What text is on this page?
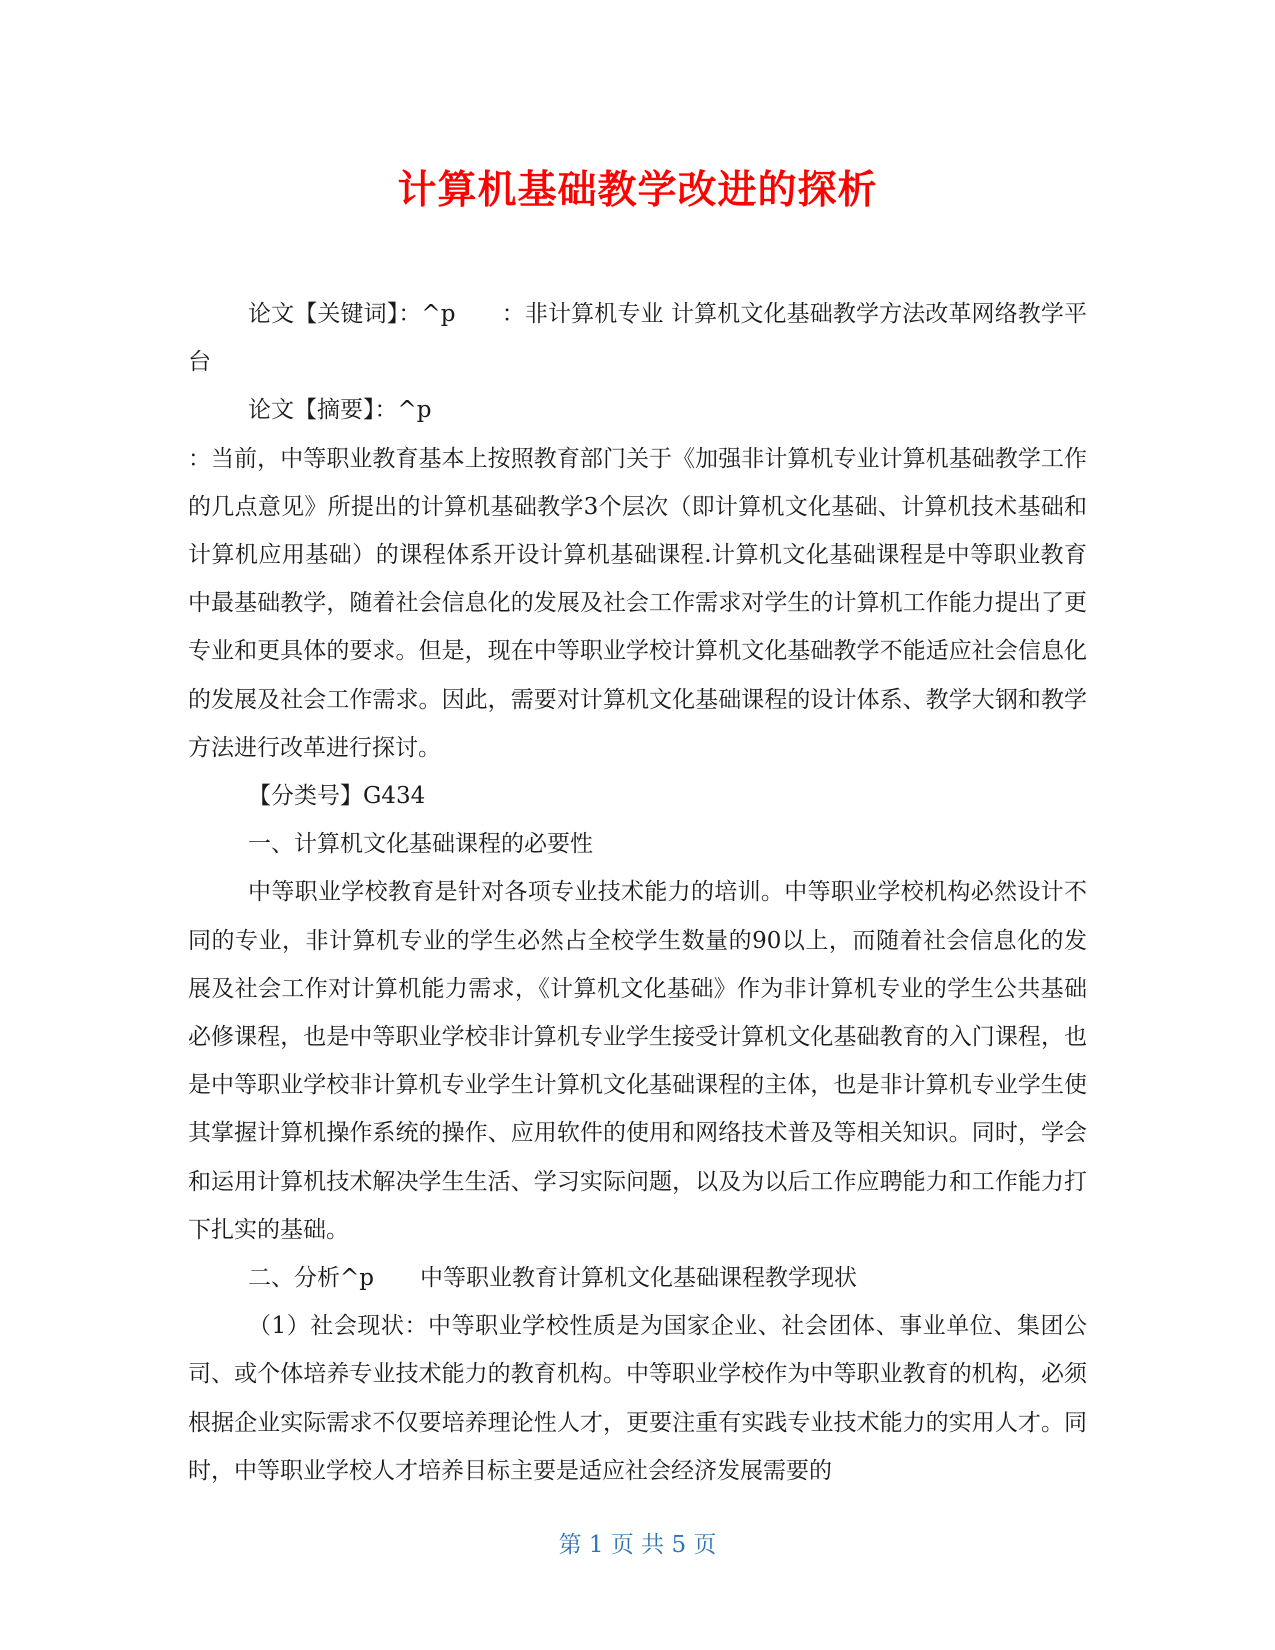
计算机基础教学改进的探析

论文【关键词】：^p　　：非计算机专业 计算机文化基础教学方法改革网络教学平台

论文【摘要】：^p

：当前，中等职业教育基本上按照教育部门关于《加强非计算机专业计算机基础教学工作的几点意见》所提出的计算机基础教学3个层次（即计算机文化基础、计算机技术基础和计算机应用基础）的课程体系开设计算机基础课程.计算机文化基础课程是中等职业教育中最基础教学，随着社会信息化的发展及社会工作需求对学生的计算机工作能力提出了更专业和更具体的要求。但是，现在中等职业学校计算机文化基础教学不能适应社会信息化的发展及社会工作需求。因此，需要对计算机文化基础课程的设计体系、教学大钢和教学方法进行改革进行探讨。

【分类号】G434

一、计算机文化基础课程的必要性

中等职业学校教育是针对各项专业技术能力的培训。中等职业学校机构必然设计不同的专业，非计算机专业的学生必然占全校学生数量的90以上，而随着社会信息化的发展及社会工作对计算机能力需求，《计算机文化基础》作为非计算机专业的学生公共基础必修课程，也是中等职业学校非计算机专业学生接受计算机文化基础教育的入门课程，也是中等职业学校非计算机专业学生计算机文化基础课程的主体，也是非计算机专业学生使其掌握计算机操作系统的操作、应用软件的使用和网络技术普及等相关知识。同时，学会和运用计算机技术解决学生生活、学习实际问题，以及为以后工作应聘能力和工作能力打下扎实的基础。

二、分析^p　　中等职业教育计算机文化基础课程教学现状

（1）社会现状：中等职业学校性质是为国家企业、社会团体、事业单位、集团公司、或个体培养专业技术能力的教育机构。中等职业学校作为中等职业教育的机构，必须根据企业实际需求不仅要培养理论性人才，更要注重有实践专业技术能力的实用人才。同时，中等职业学校人才培养目标主要是适应社会经济发展需要的

第 1 页 共 5 页
